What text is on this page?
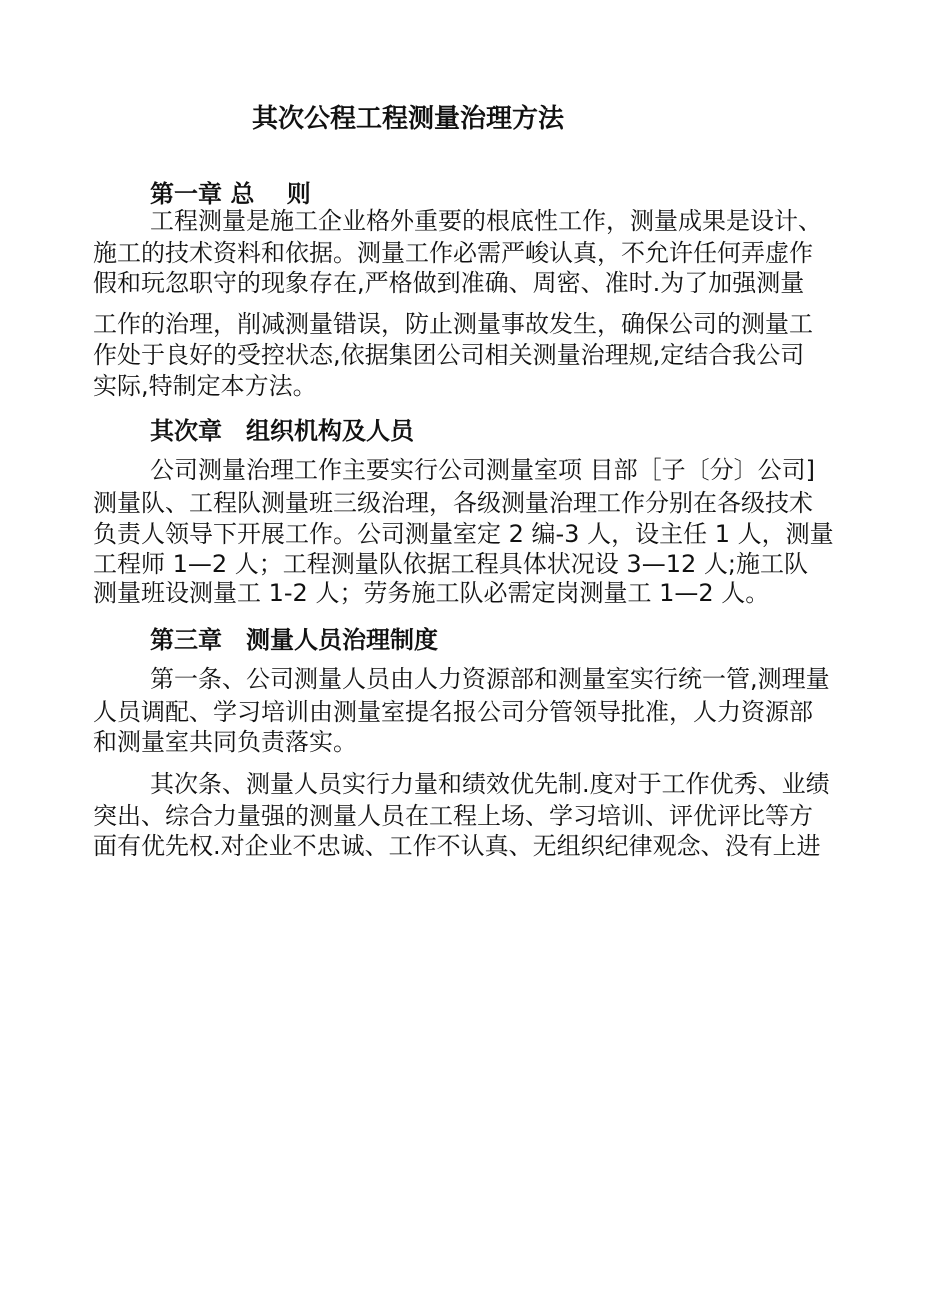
其次公程工程测量治理方法
第一章 总　 则
工程测量是施工企业格外重要的根底性工作，测量成果是设计、
施工的技术资料和依据。测量工作必需严峻认真，不允许任何弄虚作
假和玩忽职守的现象存在,严格做到准确、周密、准时.为了加强测量
工作的治理，削减测量错误，防止测量事故发生，确保公司的测量工
作处于良好的受控状态,依据集团公司相关测量治理规,定结合我公司
实际,特制定本方法。
其次章　组织机构及人员
公司测量治理工作主要实行公司测量室项 目部［子〔分〕公司]
测量队、工程队测量班三级治理，各级测量治理工作分别在各级技术
负责人领导下开展工作。公司测量室定 2 编-3 人，设主任 1 人，测量
工程师 1—2 人；工程测量队依据工程具体状况设 3—12 人;施工队
测量班设测量工 1-2 人；劳务施工队必需定岗测量工 1—2 人。
第三章　测量人员治理制度
第一条、公司测量人员由人力资源部和测量室实行统一管,测理量
人员调配、学习培训由测量室提名报公司分管领导批准，人力资源部
和测量室共同负责落实。
其次条、测量人员实行力量和绩效优先制.度对于工作优秀、业绩
突出、综合力量强的测量人员在工程上场、学习培训、评优评比等方
面有优先权.对企业不忠诚、工作不认真、无组织纪律观念、没有上进
